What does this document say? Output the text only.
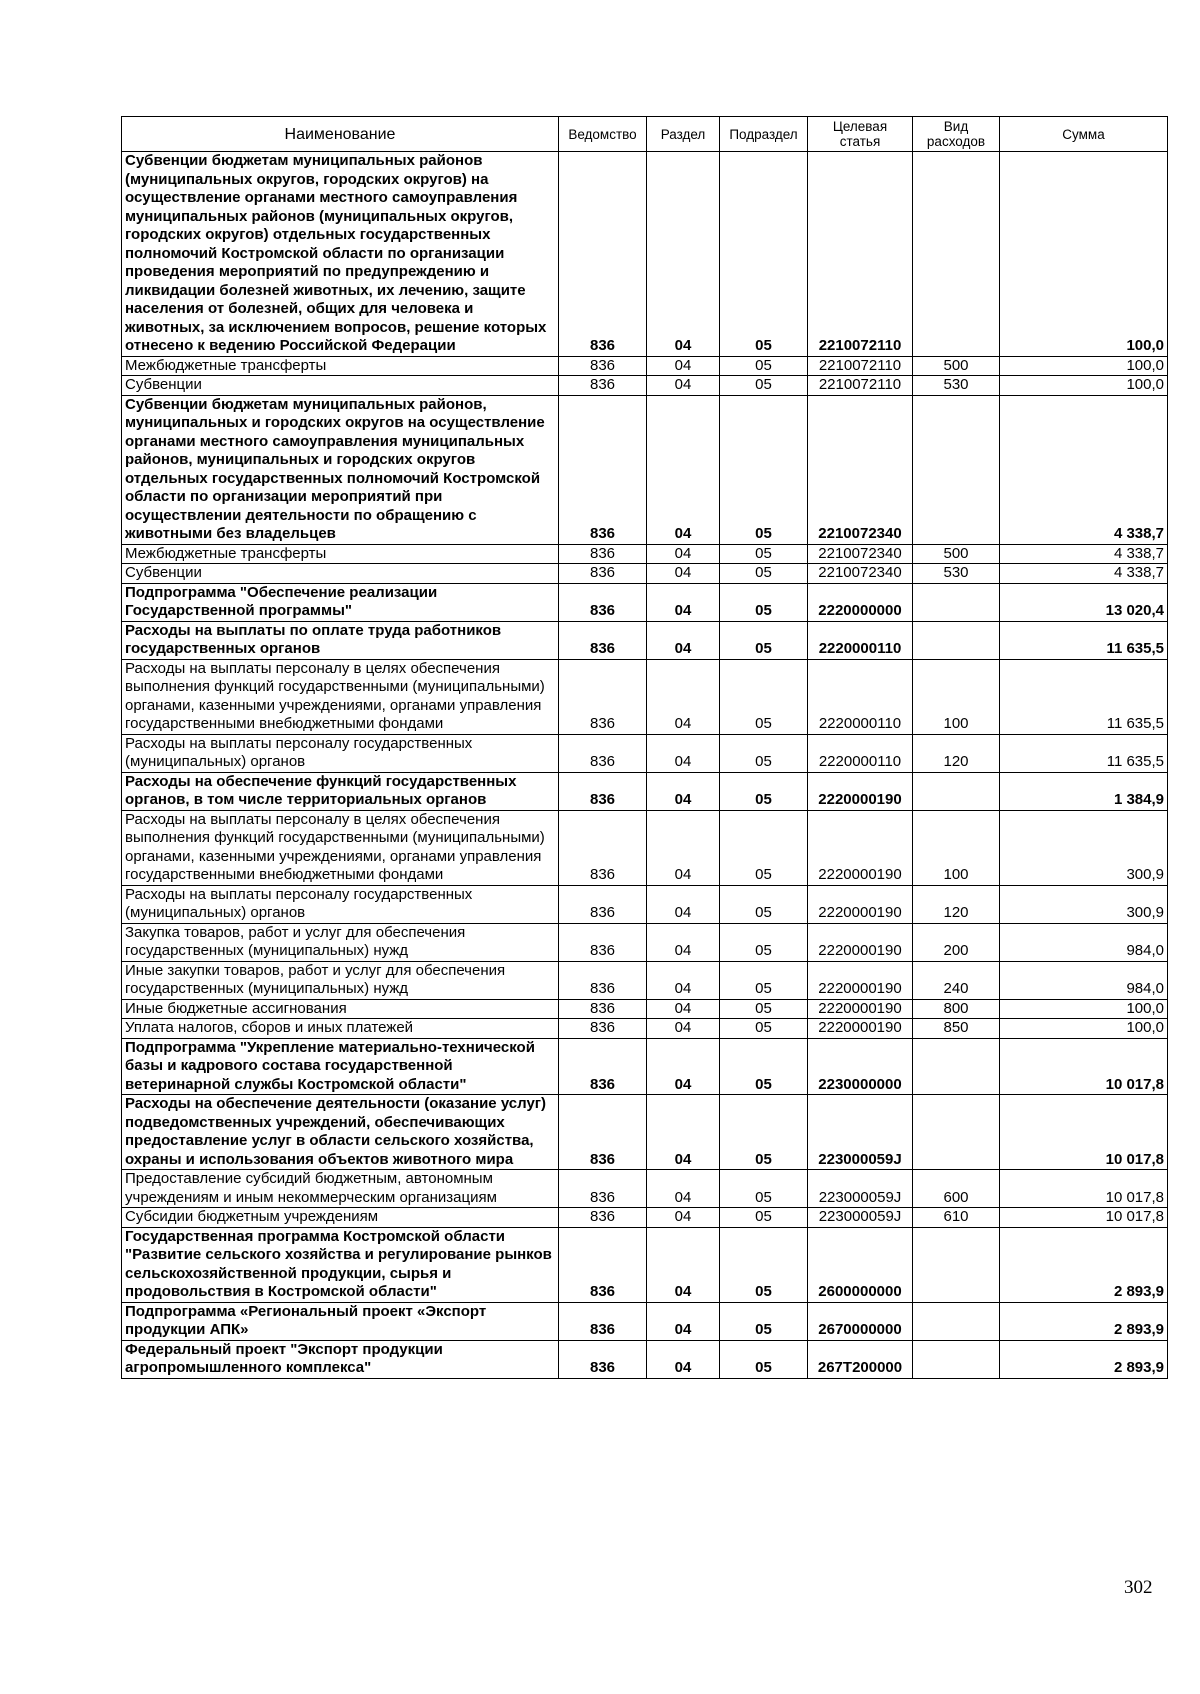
Наименование	Ведомство	Раздел	Подраздел	Целевая статья	Вид расходов	Сумма
Субвенции бюджетам муниципальных районов (муниципальных округов, городских округов) на осуществление органами местного самоуправления муниципальных районов (муниципальных округов, городских округов) отдельных государственных полномочий Костромской области по организации проведения мероприятий по предупреждению и ликвидации болезней животных, их лечению, защите населения от болезней, общих для человека и животных, за исключением вопросов, решение которых отнесено к ведению Российской Федерации	836	04	05	2210072110		100,0
Межбюджетные трансферты	836	04	05	2210072110	500	100,0
Субвенции	836	04	05	2210072110	530	100,0
Субвенции бюджетам муниципальных районов, муниципальных и городских округов на осуществление органами местного самоуправления муниципальных районов, муниципальных и городских округов отдельных государственных полномочий Костромской области по организации мероприятий при осуществлении деятельности по обращению с животными без владельцев	836	04	05	2210072340		4 338,7
Межбюджетные трансферты	836	04	05	2210072340	500	4 338,7
Субвенции	836	04	05	2210072340	530	4 338,7
Подпрограмма "Обеспечение реализации Государственной программы"	836	04	05	2220000000		13 020,4
Расходы на выплаты по оплате труда работников государственных органов	836	04	05	2220000110		11 635,5
Расходы на выплаты персоналу в целях обеспечения выполнения функций государственными (муниципальными) органами, казенными учреждениями, органами управления государственными внебюджетными фондами	836	04	05	2220000110	100	11 635,5
Расходы на выплаты персоналу государственных (муниципальных) органов	836	04	05	2220000110	120	11 635,5
Расходы на обеспечение функций государственных органов, в том числе территориальных органов	836	04	05	2220000190		1 384,9
Расходы на выплаты персоналу в целях обеспечения выполнения функций государственными (муниципальными) органами, казенными учреждениями, органами управления государственными внебюджетными фондами	836	04	05	2220000190	100	300,9
Расходы на выплаты персоналу государственных (муниципальных) органов	836	04	05	2220000190	120	300,9
Закупка товаров, работ и услуг для обеспечения государственных (муниципальных) нужд	836	04	05	2220000190	200	984,0
Иные закупки товаров, работ и услуг для обеспечения государственных (муниципальных) нужд	836	04	05	2220000190	240	984,0
Иные бюджетные ассигнования	836	04	05	2220000190	800	100,0
Уплата налогов, сборов и иных платежей	836	04	05	2220000190	850	100,0
Подпрограмма "Укрепление материально-технической базы и кадрового состава государственной ветеринарной службы Костромской области"	836	04	05	2230000000		10 017,8
Расходы на обеспечение деятельности (оказание услуг) подведомственных учреждений, обеспечивающих предоставление услуг в области сельского хозяйства, охраны и использования объектов животного мира	836	04	05	223000059J		10 017,8
Предоставление субсидий бюджетным, автономным учреждениям и иным некоммерческим организациям	836	04	05	223000059J	600	10 017,8
Субсидии бюджетным учреждениям	836	04	05	223000059J	610	10 017,8
Государственная программа Костромской области "Развитие сельского хозяйства и регулирование рынков сельскохозяйственной продукции, сырья и продовольствия в Костромской области"	836	04	05	2600000000		2 893,9
Подпрограмма «Региональный проект «Экспорт продукции АПК»	836	04	05	2670000000		2 893,9
Федеральный проект "Экспорт продукции агропромышленного комплекса"	836	04	05	267T200000		2 893,9
302
